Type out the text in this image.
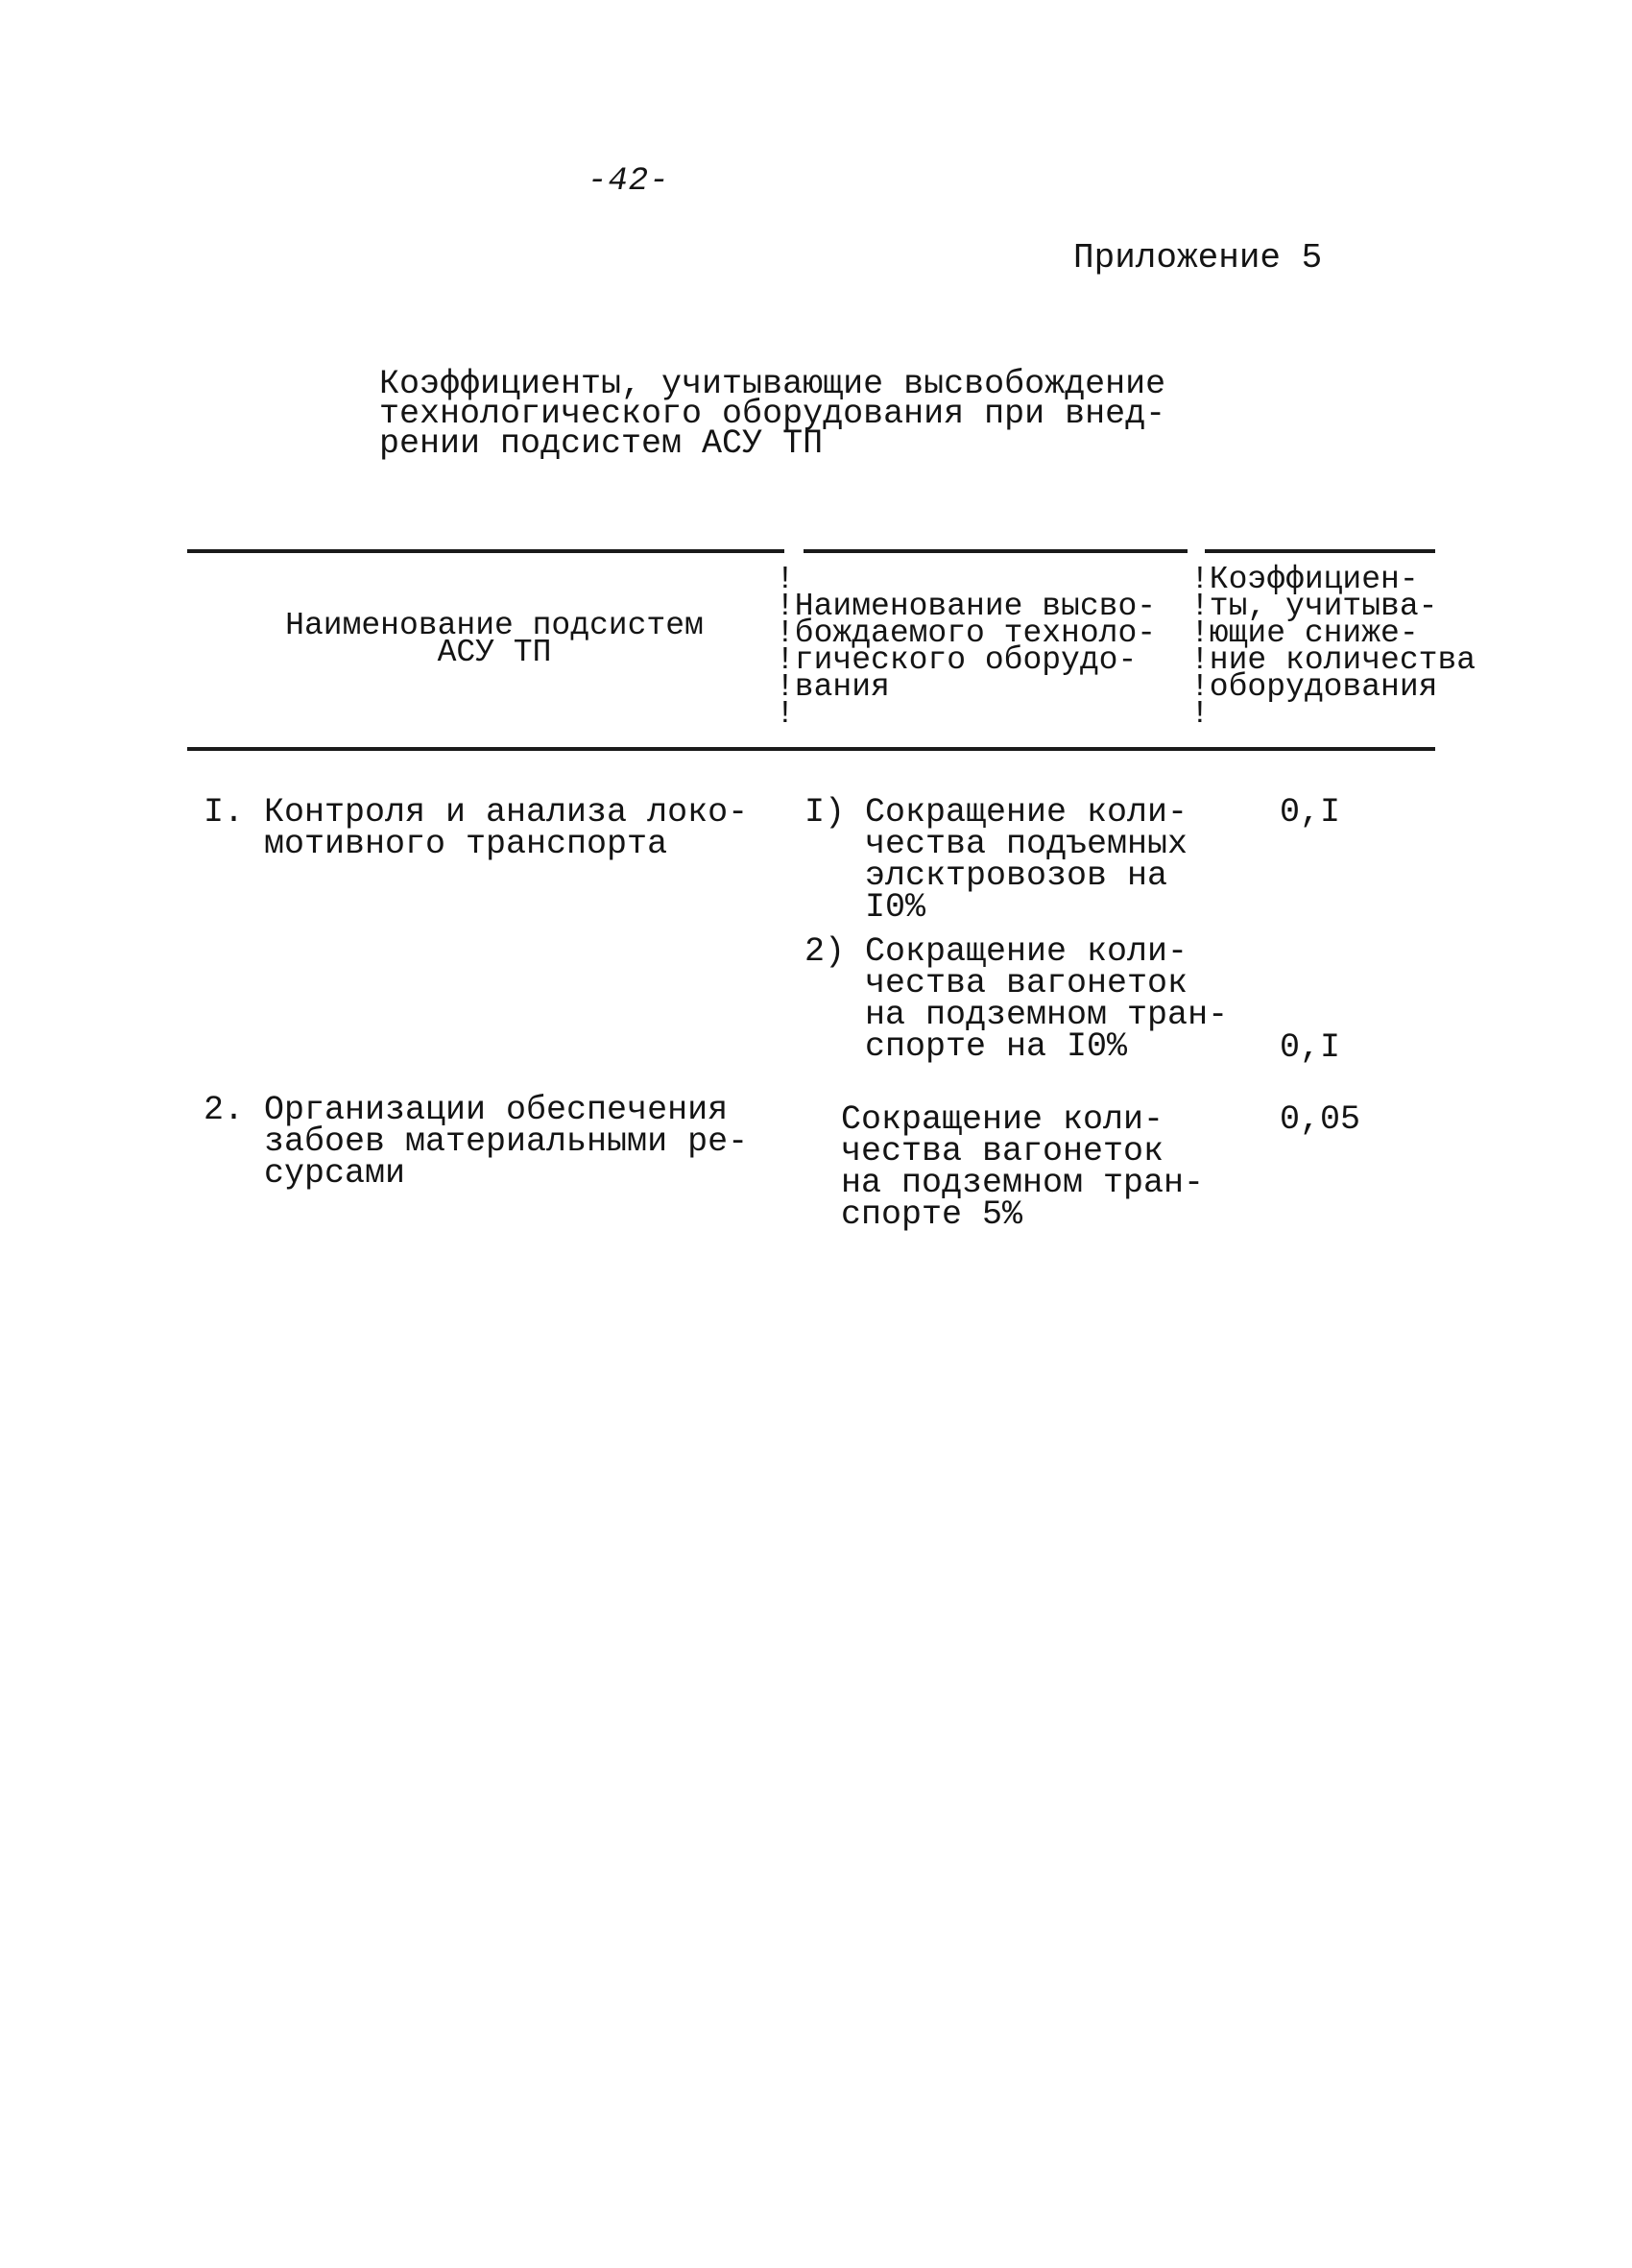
-42-
Приложение 5
Коэффициенты, учитывающие высвобождение
технологического оборудования при внед-
рении подсистем АСУ ТП
Наименование подсистем
АСУ ТП
!
!Наименование высво-
!бождаемого техноло-
!гического оборудо-
!вания
!
!Коэффициен-
!ты, учитыва-
!ющие сниже-
!ние количества
!оборудования
!
I. Контроля и анализа локо-
мотивного транспорта
I) Сокращение коли-
чества подъемных
элсктровозов на
I0%
0,I
2) Сокращение коли-
чества вагонеток
на подземном тран-
спорте на I0%	0,I
2. Организации обеспечения
забоев материальными ре-
сурсами
Сокращение коли-
чества вагонеток
на подземном тран-
спорте 5%
0,05
